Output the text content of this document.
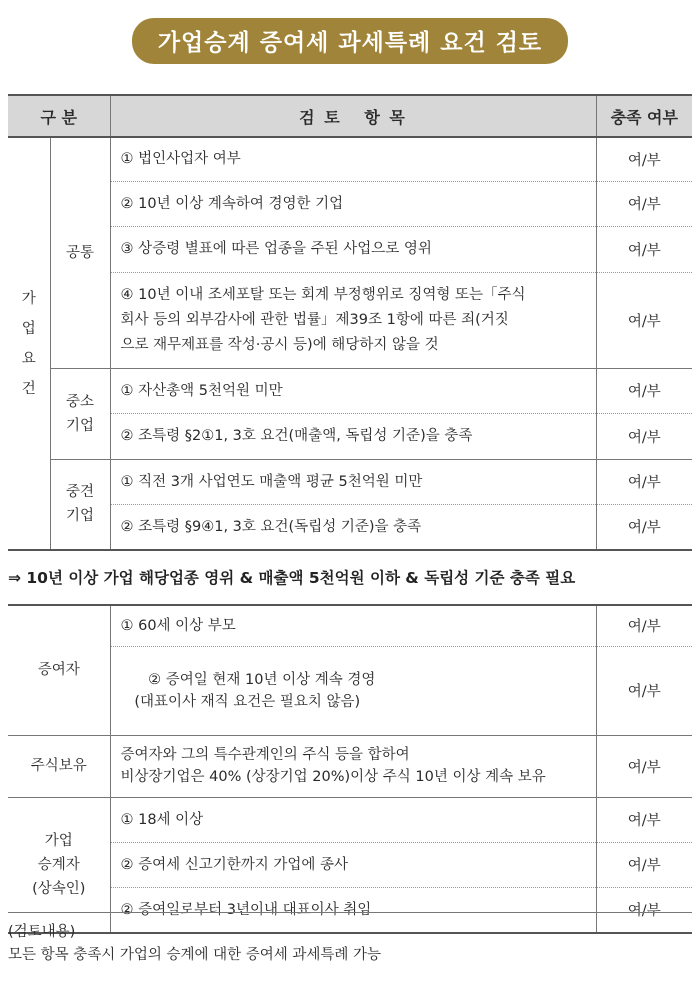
가업승계 증여세 과세특례 요건 검토
구 분		검 토   항 목	충족 여부
가
업
요
건	공통	① 법인사업자 여부	여/부
		② 10년 이상 계속하여 경영한 기업	여/부
		③ 상증령 별표에 따른 업종을 주된 사업으로 영위	여/부
		④ 10년 이내 조세포탈 또는 회계 부정행위로 징역형 또는「주식
회사 등의 외부감사에 관한 법률」제39조 1항에 따른 죄(거짓
으로 재무제표를 작성·공시 등)에 해당하지 않을 것	여/부
	중소
기업	① 자산총액 5천억원 미만	여/부
		② 조특령 §2①1, 3호 요건(매출액, 독립성 기준)을 충족	여/부
	중견
기업	① 직전 3개 사업연도 매출액 평균 5천억원 미만	여/부
		② 조특령 §9④1, 3호 요건(독립성 기준)을 충족	여/부
⇒ 10년 이상 가업 해당업종 영위 & 매출액 5천억원 이하 & 독립성 기준 충족 필요
증여자	① 60세 이상 부모	여/부

② 증여일 현재 10년 이상 계속 경영
(대표이사 재직 요건은 필요치 않음)	여/부
주식보유	증여자와 그의 특수관계인의 주식 등을 합하여
비상장기업은 40% (상장기업 20%)이상 주식 10년 이상 계속 보유	여/부
가업
승계자
(상속인)	① 18세 이상	여/부
	② 증여세 신고기한까지 가업에 종사	여/부
	② 증여일로부터 3년이내 대표이사 취임	여/부
(검토내용)
모든 항목 충족시 가업의 승계에 대한 증여세 과세특례 가능
